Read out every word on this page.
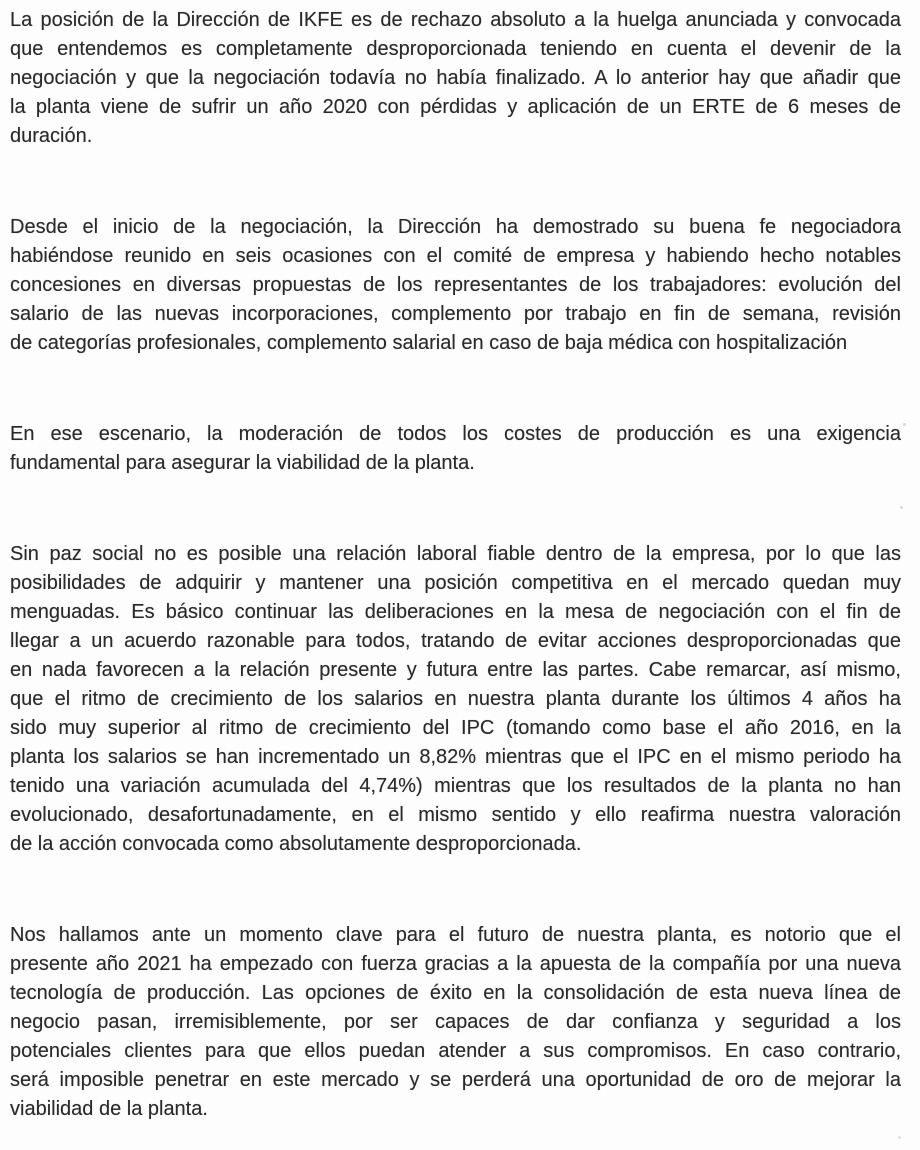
La posición de la Dirección de IKFE es de rechazo absoluto a la huelga anunciada y convocada
que entendemos es completamente desproporcionada teniendo en cuenta el devenir de la
negociación y que la negociación todavía no había finalizado. A lo anterior hay que añadir que
la planta viene de sufrir un año 2020 con pérdidas y aplicación de un ERTE de 6 meses de
duración.

Desde el inicio de la negociación, la Dirección ha demostrado su buena fe negociadora
habiéndose reunido en seis ocasiones con el comité de empresa y habiendo hecho notables
concesiones en diversas propuestas de los representantes de los trabajadores: evolución del
salario de las nuevas incorporaciones, complemento por trabajo en fin de semana, revisión
de categorías profesionales, complemento salarial en caso de baja médica con hospitalización

En ese escenario, la moderación de todos los costes de producción es una exigencia
fundamental para asegurar la viabilidad de la planta.

Sin paz social no es posible una relación laboral fiable dentro de la empresa, por lo que las
posibilidades de adquirir y mantener una posición competitiva en el mercado quedan muy
menguadas. Es básico continuar las deliberaciones en la mesa de negociación con el fin de
llegar a un acuerdo razonable para todos, tratando de evitar acciones desproporcionadas que
en nada favorecen a la relación presente y futura entre las partes. Cabe remarcar, así mismo,
que el ritmo de crecimiento de los salarios en nuestra planta durante los últimos 4 años ha
sido muy superior al ritmo de crecimiento del IPC (tomando como base el año 2016, en la
planta los salarios se han incrementado un 8,82% mientras que el IPC en el mismo periodo ha
tenido una variación acumulada del 4,74%) mientras que los resultados de la planta no han
evolucionado, desafortunadamente, en el mismo sentido y ello reafirma nuestra valoración
de la acción convocada como absolutamente desproporcionada.

Nos hallamos ante un momento clave para el futuro de nuestra planta, es notorio que el
presente año 2021 ha empezado con fuerza gracias a la apuesta de la compañía por una nueva
tecnología de producción. Las opciones de éxito en la consolidación de esta nueva línea de
negocio pasan, irremisiblemente, por ser capaces de dar confianza y seguridad a los
potenciales clientes para que ellos puedan atender a sus compromisos. En caso contrario,
será imposible penetrar en este mercado y se perderá una oportunidad de oro de mejorar la
viabilidad de la planta.
